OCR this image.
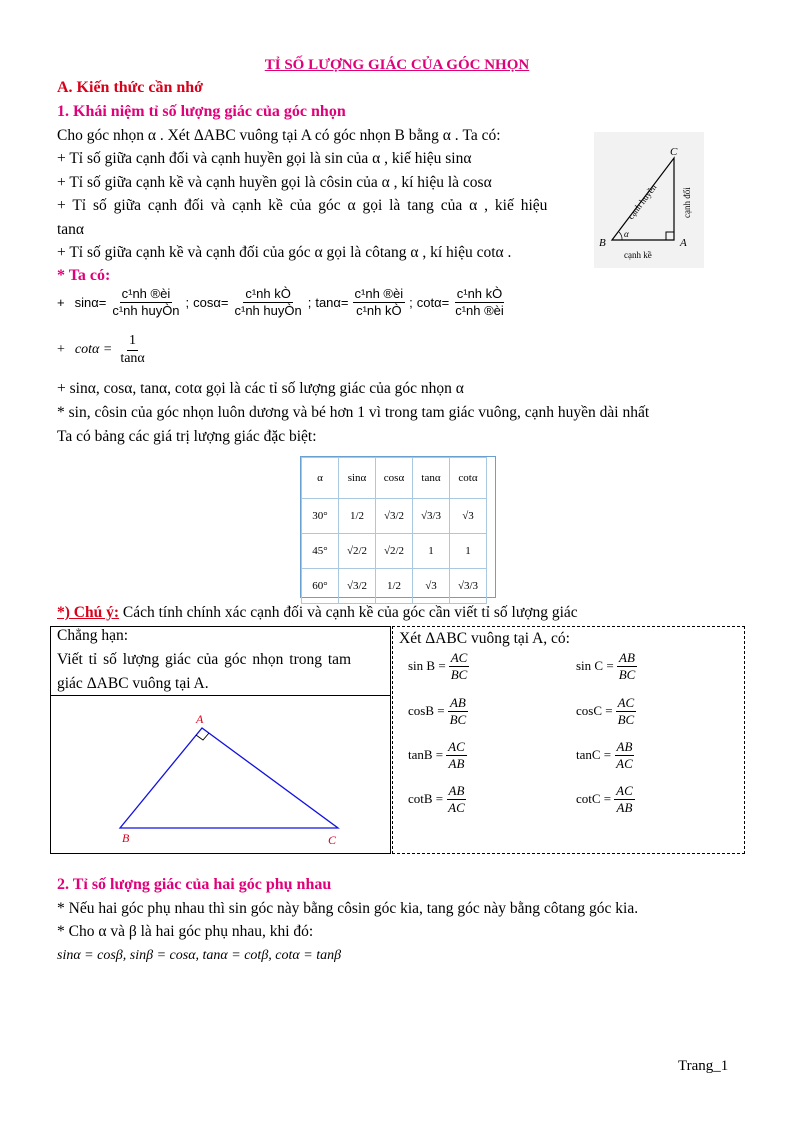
TỈ SỐ LƯỢNG GIÁC CỦA GÓC NHỌN
A. Kiến thức cần nhớ
1. Khái niệm tỉ số lượng giác của góc nhọn
Cho góc nhọn α . Xét ΔABC vuông tại A có góc nhọn B bằng α . Ta có:
+ Tỉ số giữa cạnh đối và cạnh huyền gọi là sin của α , kiế hiệu sinα
+ Tỉ số giữa cạnh kề và cạnh huyền gọi là côsin của α , kí hiệu là cosα
+ Tỉ số giữa cạnh đối và cạnh kề của góc α gọi là tang của α , kiế hiệu
tanα
+ Tỉ số giữa cạnh kề và cạnh đối của góc α gọi là côtang α , kí hiệu cotα .
C
B	A
α
cạnh huyền	cạnh đối
cạnh kề
* Ta có:
+ $\sin\alpha= \frac{\text{c¹nh ®èi}}{\text{c¹nh huyÒn}}$ ; $\cos\alpha= \frac{\text{c¹nh kÒ}}{\text{c¹nh huyÒn}}$ ; $\tan\alpha= \frac{\text{c¹nh ®èi}}{\text{c¹nh kÒ}}$ ; $\cot\alpha= \frac{\text{c¹nh kÒ}}{\text{c¹nh ®èi}}$
+ $\cot\alpha = \frac{1}{\tan\alpha}$
+ sinα, cosα, tanα, cotα gọi là các tỉ số lượng giác của góc nhọn α
* sin, côsin của góc nhọn luôn dương và bé hơn 1 vì trong tam giác vuông, cạnh huyền dài nhất
Ta có bảng các giá trị lượng giác đặc biệt:
α	sinα	cosα	tanα	cotα
30°	1/2	√3/2	√3/3	√3
45°	√2/2	√2/2	1	1
60°	√3/2	1/2	√3	√3/3
*) Chú ý: Cách tính chính xác cạnh đối và cạnh kề của góc cần viết tỉ số lượng giác
Chẳng hạn:
Viết tỉ số lượng giác của góc nhọn trong tam
giác ΔABC vuông tại A.
A
B	C
Xét ΔABC vuông tại A, có:
$\sin B = \frac{AC}{BC}$	$\sin C = \frac{AB}{BC}$
$\cos B = \frac{AB}{BC}$	$\cos C = \frac{AC}{BC}$
$\tan B = \frac{AC}{AB}$	$\tan C = \frac{AB}{AC}$
$\cot B = \frac{AB}{AC}$	$\cot C = \frac{AC}{AB}$
2. Tỉ số lượng giác của hai góc phụ nhau
* Nếu hai góc phụ nhau thì sin góc này bằng côsin góc kia, tang góc này bằng côtang góc kia.
* Cho α và β là hai góc phụ nhau, khi đó:
sinα = cosβ, sinβ = cosα, tanα = cotβ, cotα = tanβ
Trang_1
